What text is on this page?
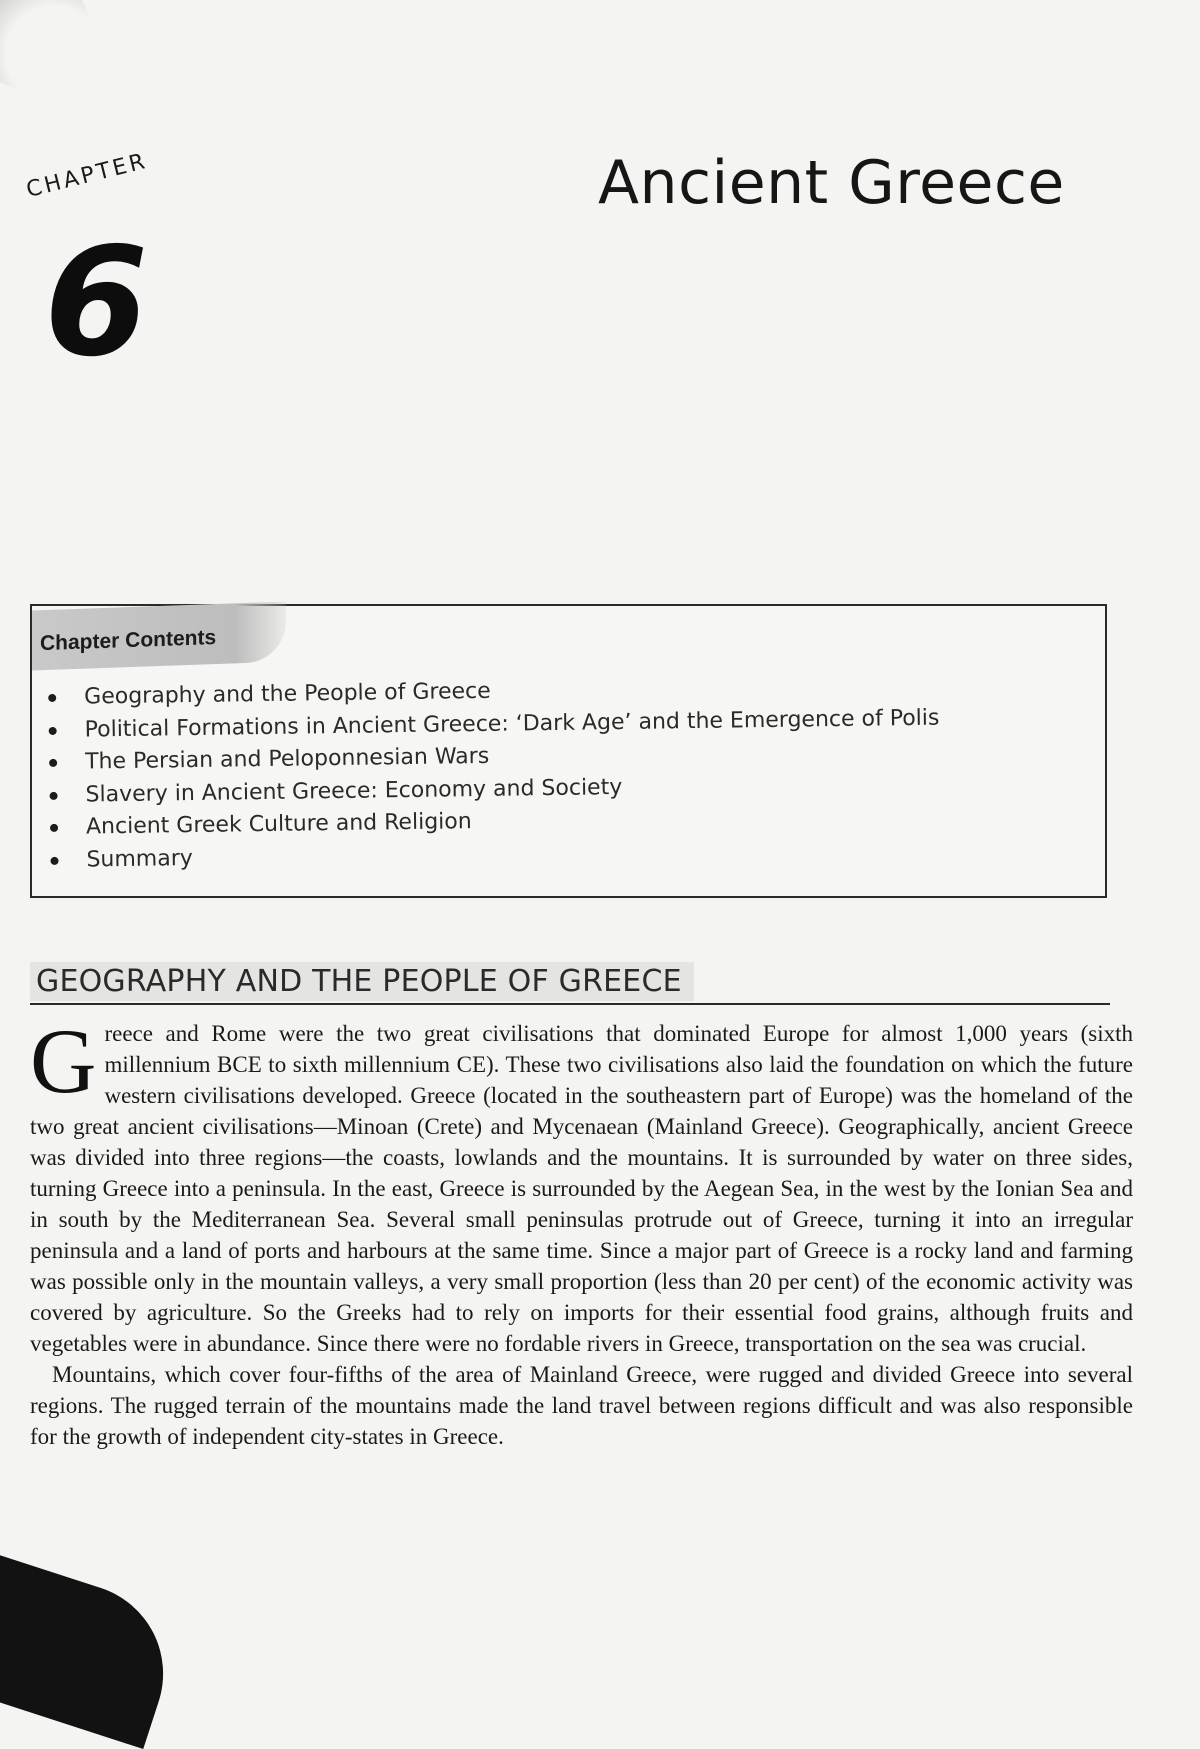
CHAPTER
6
Ancient Greece
Chapter Contents
Geography and the People of Greece
Political Formations in Ancient Greece: ‘Dark Age’ and the Emergence of Polis
The Persian and Peloponnesian Wars
Slavery in Ancient Greece: Economy and Society
Ancient Greek Culture and Religion
Summary
GEOGRAPHY AND THE PEOPLE OF GREECE

Greece and Rome were the two great civilisations that dominated Europe for almost 1,000 years (sixth millennium BCE to sixth millennium CE). These two civilisations also laid the foundation on which the future western civilisations developed. Greece (located in the southeastern part of Europe) was the homeland of the two great ancient civilisations—Minoan (Crete) and Mycenaean (Mainland Greece). Geographically, ancient Greece was divided into three regions—the coasts, lowlands and the mountains. It is surrounded by water on three sides, turning Greece into a peninsula. In the east, Greece is surrounded by the Aegean Sea, in the west by the Ionian Sea and in south by the Mediterranean Sea. Several small peninsulas protrude out of Greece, turning it into an irregular peninsula and a land of ports and harbours at the same time. Since a major part of Greece is a rocky land and farming was possible only in the mountain valleys, a very small proportion (less than 20 per cent) of the economic activity was covered by agriculture. So the Greeks had to rely on imports for their essential food grains, although fruits and vegetables were in abundance. Since there were no fordable rivers in Greece, transportation on the sea was crucial.

Mountains, which cover four-fifths of the area of Mainland Greece, were rugged and divided Greece into several regions. The rugged terrain of the mountains made the land travel between regions difficult and was also responsible for the growth of independent city-states in Greece.
